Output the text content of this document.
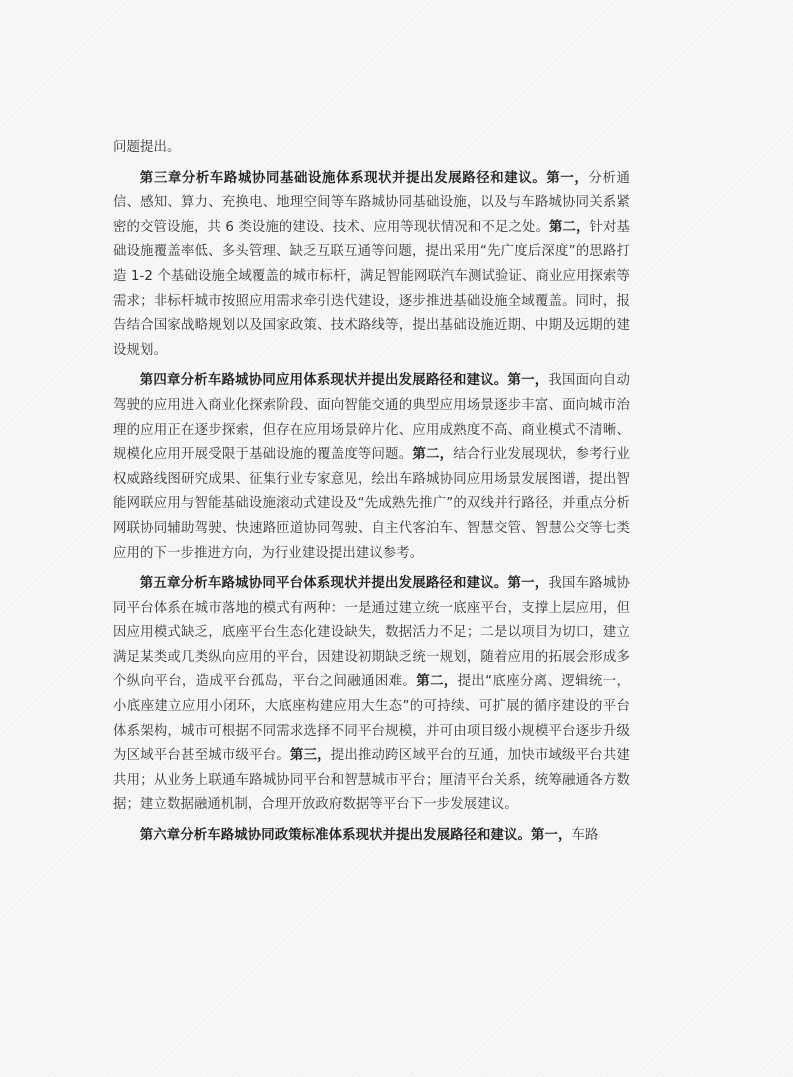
问题提出。

第三章分析车路城协同基础设施体系现状并提出发展路径和建议。第一，分析通信、感知、算力、充换电、地理空间等车路城协同基础设施，以及与车路城协同关系紧密的交管设施，共 6 类设施的建设、技术、应用等现状情况和不足之处。第二，针对基础设施覆盖率低、多头管理、缺乏互联互通等问题，提出采用“先广度后深度”的思路打造 1-2 个基础设施全域覆盖的城市标杆，满足智能网联汽车测试验证、商业应用探索等需求；非标杆城市按照应用需求牵引迭代建设，逐步推进基础设施全域覆盖。同时，报告结合国家战略规划以及国家政策、技术路线等，提出基础设施近期、中期及远期的建设规划。

第四章分析车路城协同应用体系现状并提出发展路径和建议。第一，我国面向自动驾驶的应用进入商业化探索阶段、面向智能交通的典型应用场景逐步丰富、面向城市治理的应用正在逐步探索，但存在应用场景碎片化、应用成熟度不高、商业模式不清晰、规模化应用开展受限于基础设施的覆盖度等问题。第二，结合行业发展现状，参考行业权威路线图研究成果、征集行业专家意见，绘出车路城协同应用场景发展图谱，提出智能网联应用与智能基础设施滚动式建设及“先成熟先推广”的双线并行路径，并重点分析网联协同辅助驾驶、快速路匝道协同驾驶、自主代客泊车、智慧交管、智慧公交等七类应用的下一步推进方向，为行业建设提出建议参考。

第五章分析车路城协同平台体系现状并提出发展路径和建议。第一，我国车路城协同平台体系在城市落地的模式有两种：一是通过建立统一底座平台，支撑上层应用，但因应用模式缺乏，底座平台生态化建设缺失，数据活力不足；二是以项目为切口，建立满足某类或几类纵向应用的平台，因建设初期缺乏统一规划，随着应用的拓展会形成多个纵向平台，造成平台孤岛，平台之间融通困难。第二，提出“底座分离、逻辑统一，小底座建立应用小闭环，大底座构建应用大生态”的可持续、可扩展的循序建设的平台体系架构，城市可根据不同需求选择不同平台规模，并可由项目级小规模平台逐步升级为区域平台甚至城市级平台。第三，提出推动跨区域平台的互通，加快市域级平台共建共用；从业务上联通车路城协同平台和智慧城市平台；厘清平台关系，统筹融通各方数据；建立数据融通机制，合理开放政府数据等平台下一步发展建议。

第六章分析车路城协同政策标准体系现状并提出发展路径和建议。第一，车路
